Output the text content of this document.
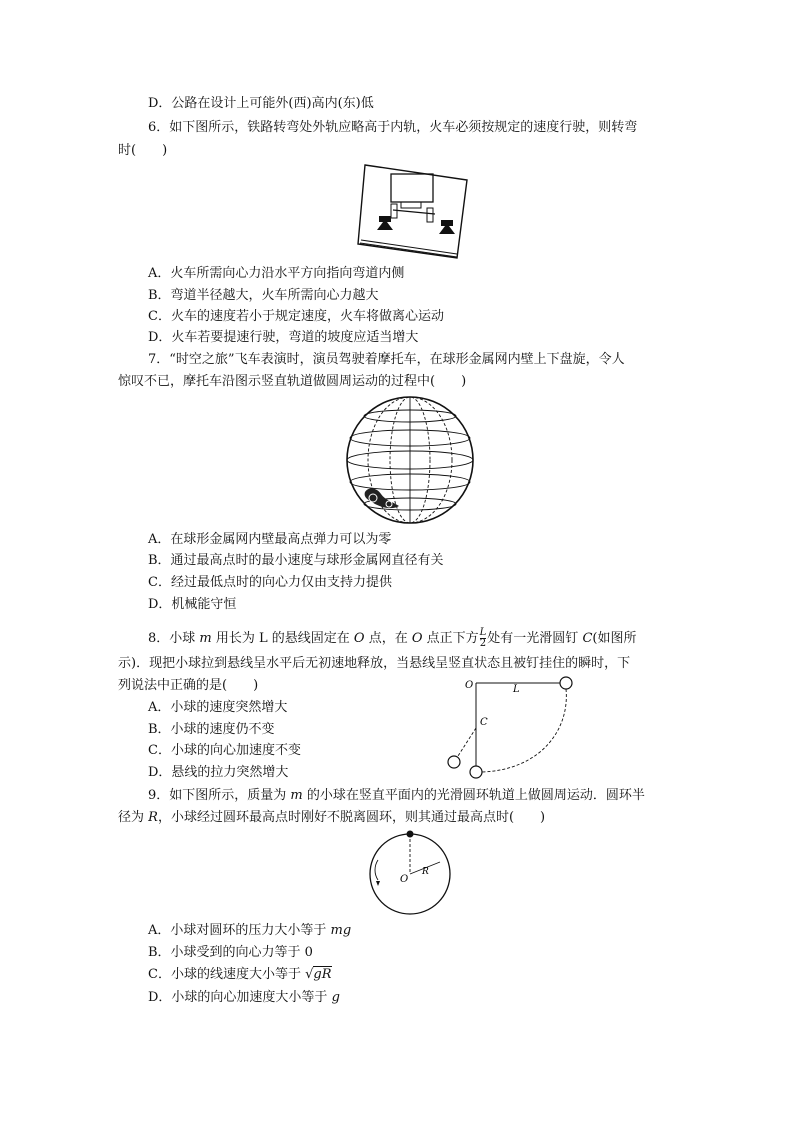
D．公路在设计上可能外(西)高内(东)低
6．如下图所示，铁路转弯处外轨应略高于内轨，火车必须按规定的速度行驶，则转弯
时(　　)
A．火车所需向心力沿水平方向指向弯道内侧
B．弯道半径越大，火车所需向心力越大
C．火车的速度若小于规定速度，火车将做离心运动
D．火车若要提速行驶，弯道的坡度应适当增大
7．“时空之旅”飞车表演时，演员驾驶着摩托车，在球形金属网内壁上下盘旋，令人
惊叹不已，摩托车沿图示竖直轨道做圆周运动的过程中(　　)
A．在球形金属网内壁最高点弹力可以为零
B．通过最高点时的最小速度与球形金属网直径有关
C．经过最低点时的向心力仅由支持力提供
D．机械能守恒
8．小球 m 用长为 L 的悬线固定在 O 点，在 O 点正下方 $\frac{L}{2}$ 处有一光滑圆钉 C(如图所
示)．现把小球拉到悬线呈水平后无初速地释放，当悬线呈竖直状态且被钉挂住的瞬时，下
列说法中正确的是(　　)
A．小球的速度突然增大
B．小球的速度仍不变
C．小球的向心加速度不变
D．悬线的拉力突然增大
O	L
C
9．如下图所示，质量为 m 的小球在竖直平面内的光滑圆环轨道上做圆周运动．圆环半
径为 R，小球经过圆环最高点时刚好不脱离圆环，则其通过最高点时(　　)
O
R
A．小球对圆环的压力大小等于 mg
B．小球受到的向心力等于 0
C．小球的线速度大小等于 √gR
D．小球的向心加速度大小等于 g
